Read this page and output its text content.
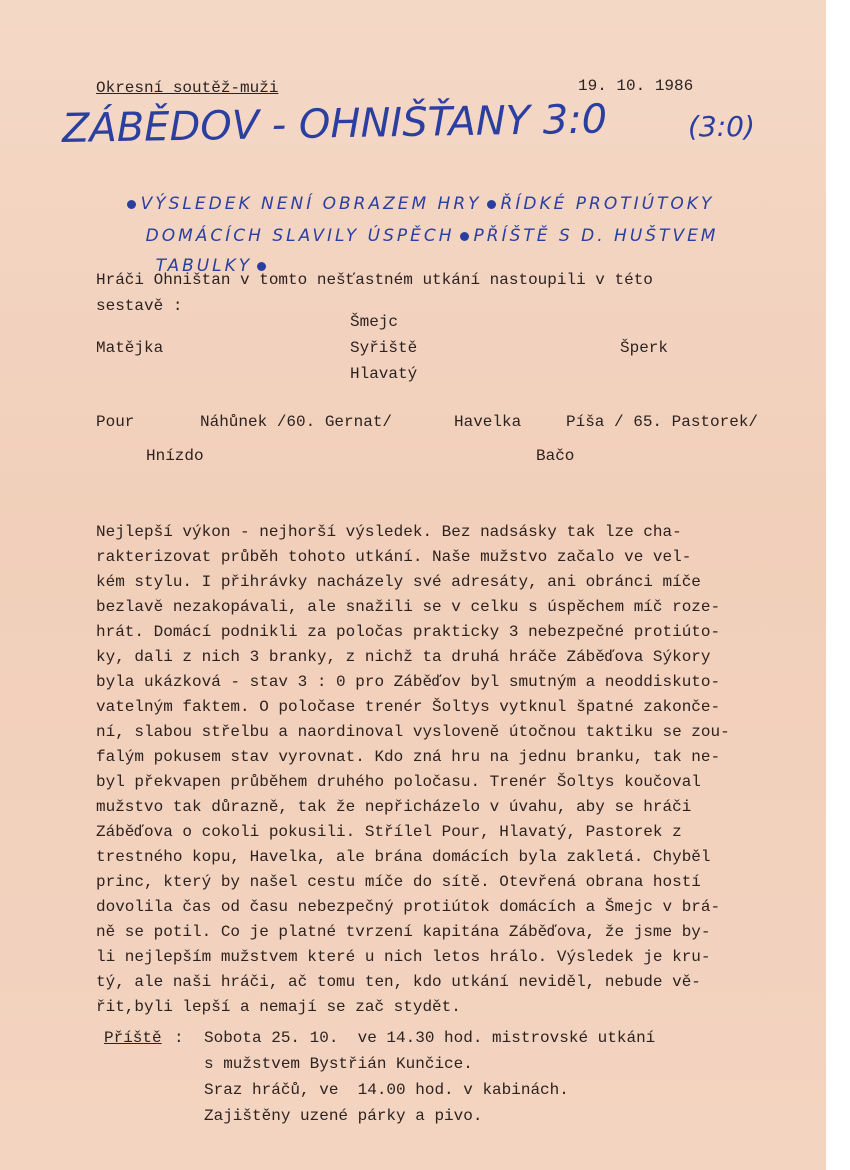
Okresní soutěž-muži	19. 10. 1986
ZÁBĚDOV - OHNIŠŤANY 3:0	(3:0)

VÝSLEDEK NENÍ OBRAZEM HRY ŘÍDKÉ PROTIÚTOKY

DOMÁCÍCH SLAVILY ÚSPĚCH PŘÍŠTĚ S D. HUŠTVEM

TABULKY

Hráči Ohništan v tomto nešťastném utkání nastoupili v této
sestavě :
Šmejc
Matějka	Syřiště	Šperk
Hlavatý
Pour	Náhůnek /60. Gernat/	Havelka	Píša / 65. Pastorek/
Hnízdo	Bačo
Nejlepší výkon - nejhorší výsledek. Bez nadsásky tak lze cha-
rakterizovat průběh tohoto utkání. Naše mužstvo začalo ve vel-
kém stylu. I přihrávky nacházely své adresáty, ani obránci míče
bezlavě nezakopávali, ale snažili se v celku s úspěchem míč roze-
hrát. Domácí podnikli za poločas prakticky 3 nebezpečné protiúto-
ky, dali z nich 3 branky, z nichž ta druhá hráče Záběďova Sýkory
byla ukázková - stav 3 : 0 pro Záběďov byl smutným a neoddiskuto-
vatelným faktem. O poločase trenér Šoltys vytknul špatné zakonče-
ní, slabou střelbu a naordinoval vysloveně útočnou taktiku se zou-
falým pokusem stav vyrovnat. Kdo zná hru na jednu branku, tak ne-
byl překvapen průběhem druhého poločasu. Trenér Šoltys koučoval
mužstvo tak důrazně, tak že nepřicházelo v úvahu, aby se hráči
Záběďova o cokoli pokusili. Střílel Pour, Hlavatý, Pastorek z
trestného kopu, Havelka, ale brána domácích byla zakletá. Chyběl
princ, který by našel cestu míče do sítě. Otevřená obrana hostí
dovolila čas od času nebezpečný protiútok domácích a Šmejc v brá-
ně se potil. Co je platné tvrzení kapitána Záběďova, že jsme by-
li nejlepším mužstvem které u nich letos hrálo. Výsledek je kru-
tý, ale naši hráči, ač tomu ten, kdo utkání neviděl, nebude vě-
řit,byli lepší a nemají se zač stydět.
Příště : Sobota 25. 10.  ve 14.30 hod. mistrovské utkání
s mužstvem Bystřián Kunčice.
Sraz hráčů, ve  14.00 hod. v kabinách.
Zajištěny uzené párky a pivo.
